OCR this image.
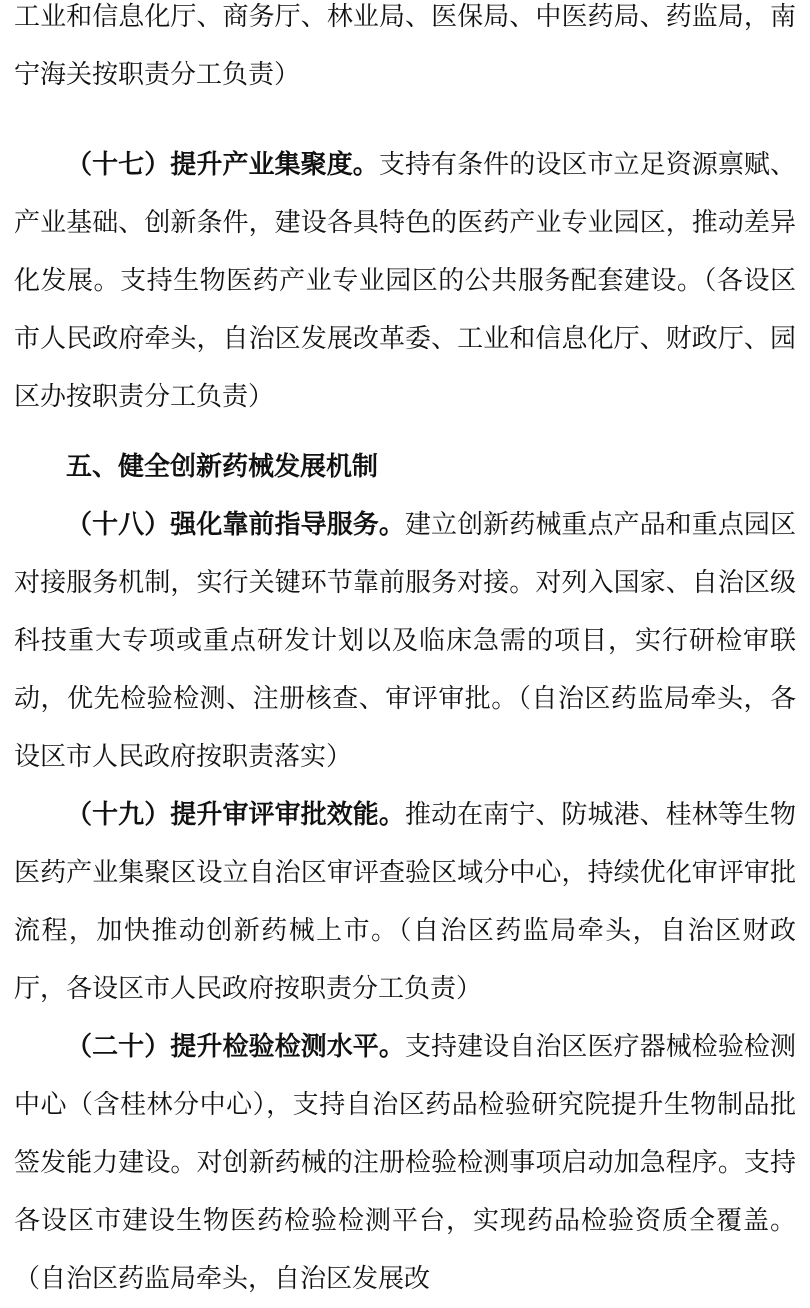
工业和信息化厅、商务厅、林业局、医保局、中医药局、药监局，南宁海关按职责分工负责）

（十七）提升产业集聚度。支持有条件的设区市立足资源禀赋、产业基础、创新条件，建设各具特色的医药产业专业园区，推动差异化发展。支持生物医药产业专业园区的公共服务配套建设。（各设区市人民政府牵头，自治区发展改革委、工业和信息化厅、财政厅、园区办按职责分工负责）

五、健全创新药械发展机制

（十八）强化靠前指导服务。建立创新药械重点产品和重点园区对接服务机制，实行关键环节靠前服务对接。对列入国家、自治区级科技重大专项或重点研发计划以及临床急需的项目，实行研检审联动，优先检验检测、注册核查、审评审批。（自治区药监局牵头，各设区市人民政府按职责落实）

（十九）提升审评审批效能。推动在南宁、防城港、桂林等生物医药产业集聚区设立自治区审评查验区域分中心，持续优化审评审批流程，加快推动创新药械上市。（自治区药监局牵头，自治区财政厅，各设区市人民政府按职责分工负责）

（二十）提升检验检测水平。支持建设自治区医疗器械检验检测中心（含桂林分中心），支持自治区药品检验研究院提升生物制品批签发能力建设。对创新药械的注册检验检测事项启动加急程序。支持各设区市建设生物医药检验检测平台，实现药品检验资质全覆盖。（自治区药监局牵头，自治区发展改
